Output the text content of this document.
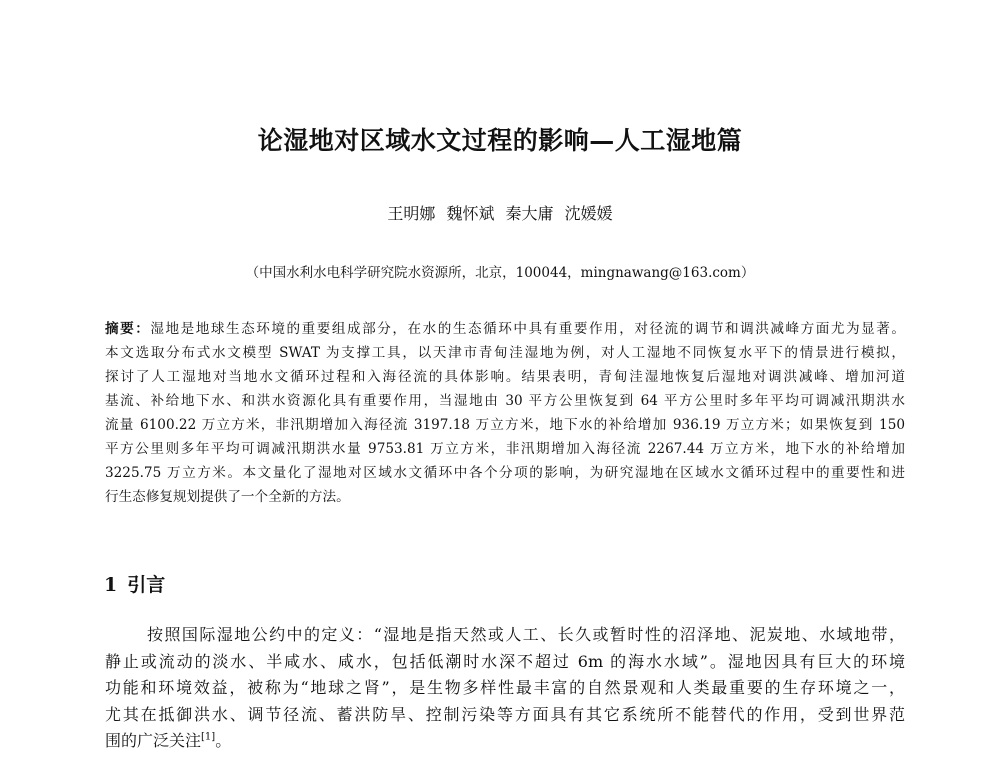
论湿地对区域水文过程的影响—人工湿地篇
王明娜 魏怀斌 秦大庸 沈媛媛
（中国水利水电科学研究院水资源所，北京，100044，mingnawang@163.com）
摘要：湿地是地球生态环境的重要组成部分，在水的生态循环中具有重要作用，对径流的调节和调洪减峰方面尤为显著。
本文选取分布式水文模型 SWAT 为支撑工具，以天津市青甸洼湿地为例，对人工湿地不同恢复水平下的情景进行模拟，
探讨了人工湿地对当地水文循环过程和入海径流的具体影响。结果表明，青甸洼湿地恢复后湿地对调洪减峰、增加河道
基流、补给地下水、和洪水资源化具有重要作用，当湿地由 30 平方公里恢复到 64 平方公里时多年平均可调减汛期洪水
流量 6100.22 万立方米，非汛期增加入海径流 3197.18 万立方米，地下水的补给增加 936.19 万立方米；如果恢复到 150
平方公里则多年平均可调减汛期洪水量 9753.81 万立方米，非汛期增加入海径流 2267.44 万立方米，地下水的补给增加
3225.75 万立方米。本文量化了湿地对区域水文循环中各个分项的影响，为研究湿地在区域水文循环过程中的重要性和进
行生态修复规划提供了一个全新的方法。
1 引言
按照国际湿地公约中的定义：“湿地是指天然或人工、长久或暂时性的沼泽地、泥炭地、水域地带，
静止或流动的淡水、半咸水、咸水，包括低潮时水深不超过 6m 的海水水域”。湿地因具有巨大的环境
功能和环境效益，被称为“地球之肾”，是生物多样性最丰富的自然景观和人类最重要的生存环境之一，
尤其在抵御洪水、调节径流、蓄洪防旱、控制污染等方面具有其它系统所不能替代的作用，受到世界范
围的广泛关注[1]。
